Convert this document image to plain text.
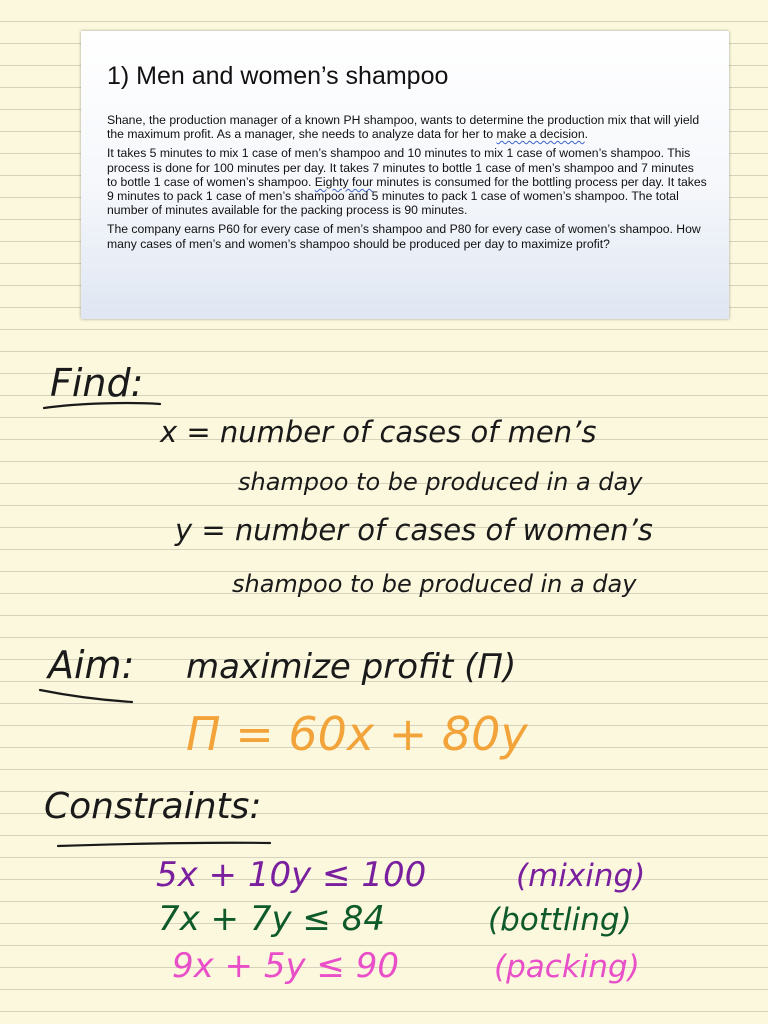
1) Men and women’s shampoo

Shane, the production manager of a known PH shampoo, wants to determine the production mix that will yield the maximum profit. As a manager, she needs to analyze data for her to make a decision.

It takes 5 minutes to mix 1 case of men’s shampoo and 10 minutes to mix 1 case of women’s shampoo. This process is done for 100 minutes per day. It takes 7 minutes to bottle 1 case of men’s shampoo and 7 minutes to bottle 1 case of women’s shampoo. Eighty four minutes is consumed for the bottling process per day. It takes 9 minutes to pack 1 case of men’s shampoo and 5 minutes to pack 1 case of women’s shampoo. The total number of minutes available for the packing process is 90 minutes.

The company earns P60 for every case of men’s shampoo and P80 for every case of women’s shampoo. How many cases of men’s and women’s shampoo should be produced per day to maximize profit?

Find:
x = number of cases of men’s
shampoo to be produced in a day
y = number of cases of women’s
shampoo to be produced in a day
Aim: maximize profit (Π)
Π = 60x + 80y
Constraints:
5x + 10y ≤ 100	(mixing)
7x + 7y ≤ 84	(bottling)
9x + 5y ≤ 90	(packing)
